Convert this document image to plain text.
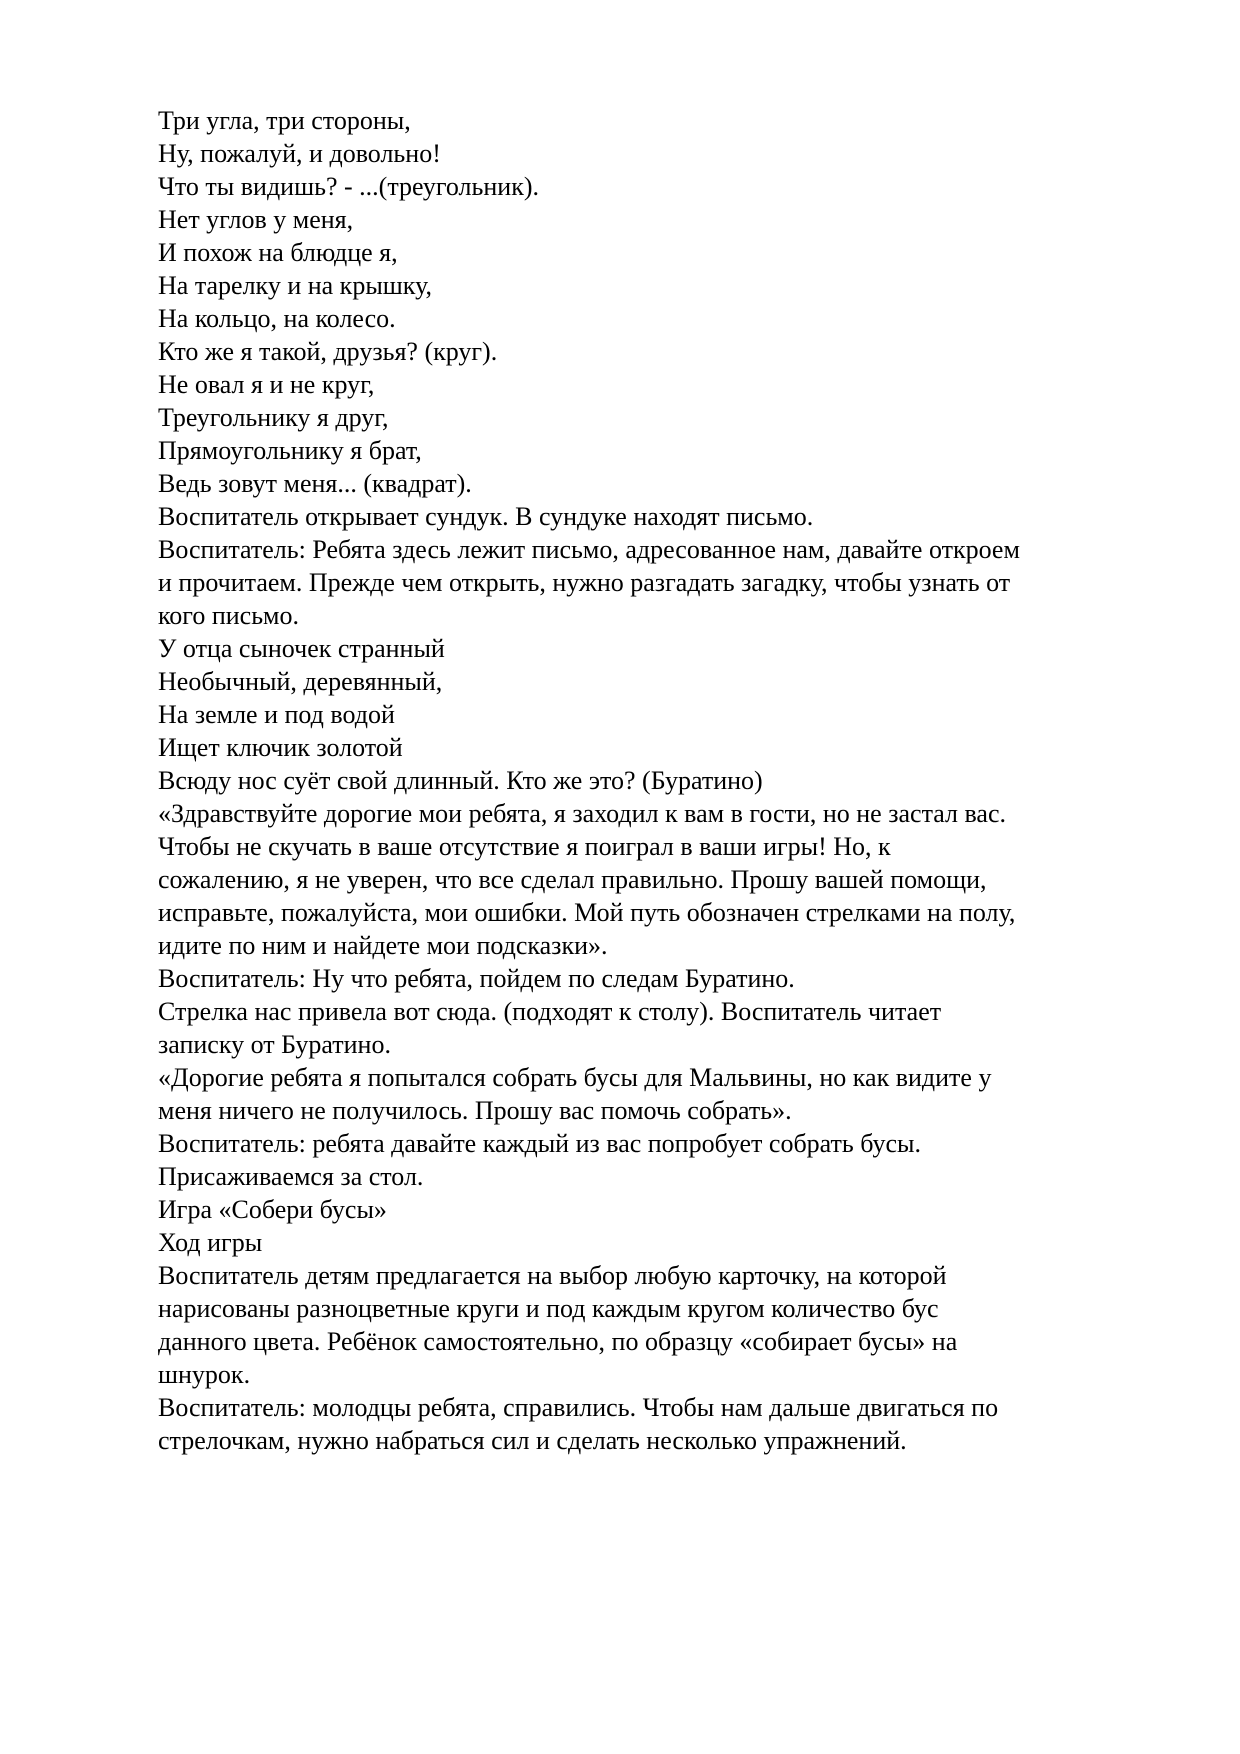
Три угла, три стороны,
Ну, пожалуй, и довольно!
Что ты видишь? - ...(треугольник).
Нет углов у меня,
И похож на блюдце я,
На тарелку и на крышку,
На кольцо, на колесо.
Кто же я такой, друзья? (круг).
Не овал я и не круг,
Треугольнику я друг,
Прямоугольнику я брат,
Ведь зовут меня... (квадрат).
Воспитатель открывает сундук. В сундуке находят письмо.
Воспитатель: Ребята здесь лежит письмо, адресованное нам, давайте откроем
и прочитаем. Прежде чем открыть, нужно разгадать загадку, чтобы узнать от
кого письмо.
У отца сыночек странный
Необычный, деревянный,
На земле и под водой
Ищет ключик золотой
Всюду нос суёт свой длинный. Кто же это? (Буратино)
«Здравствуйте дорогие мои ребята, я заходил к вам в гости, но не застал вас.
Чтобы не скучать в ваше отсутствие я поиграл в ваши игры! Но, к
сожалению, я не уверен, что все сделал правильно. Прошу вашей помощи,
исправьте, пожалуйста, мои ошибки. Мой путь обозначен стрелками на полу,
идите по ним и найдете мои подсказки».
Воспитатель: Ну что ребята, пойдем по следам Буратино.
Стрелка нас привела вот сюда. (подходят к столу). Воспитатель читает
записку от Буратино.
«Дорогие ребята я попытался собрать бусы для Мальвины, но как видите у
меня ничего не получилось. Прошу вас помочь собрать».
Воспитатель: ребята давайте каждый из вас попробует собрать бусы.
Присаживаемся за стол.
Игра «Собери бусы»
Ход игры
Воспитатель детям предлагается на выбор любую карточку, на которой
нарисованы разноцветные круги и под каждым кругом количество бус
данного цвета. Ребёнок самостоятельно, по образцу «собирает бусы» на
шнурок.
Воспитатель: молодцы ребята, справились. Чтобы нам дальше двигаться по
стрелочкам, нужно набраться сил и сделать несколько упражнений.
